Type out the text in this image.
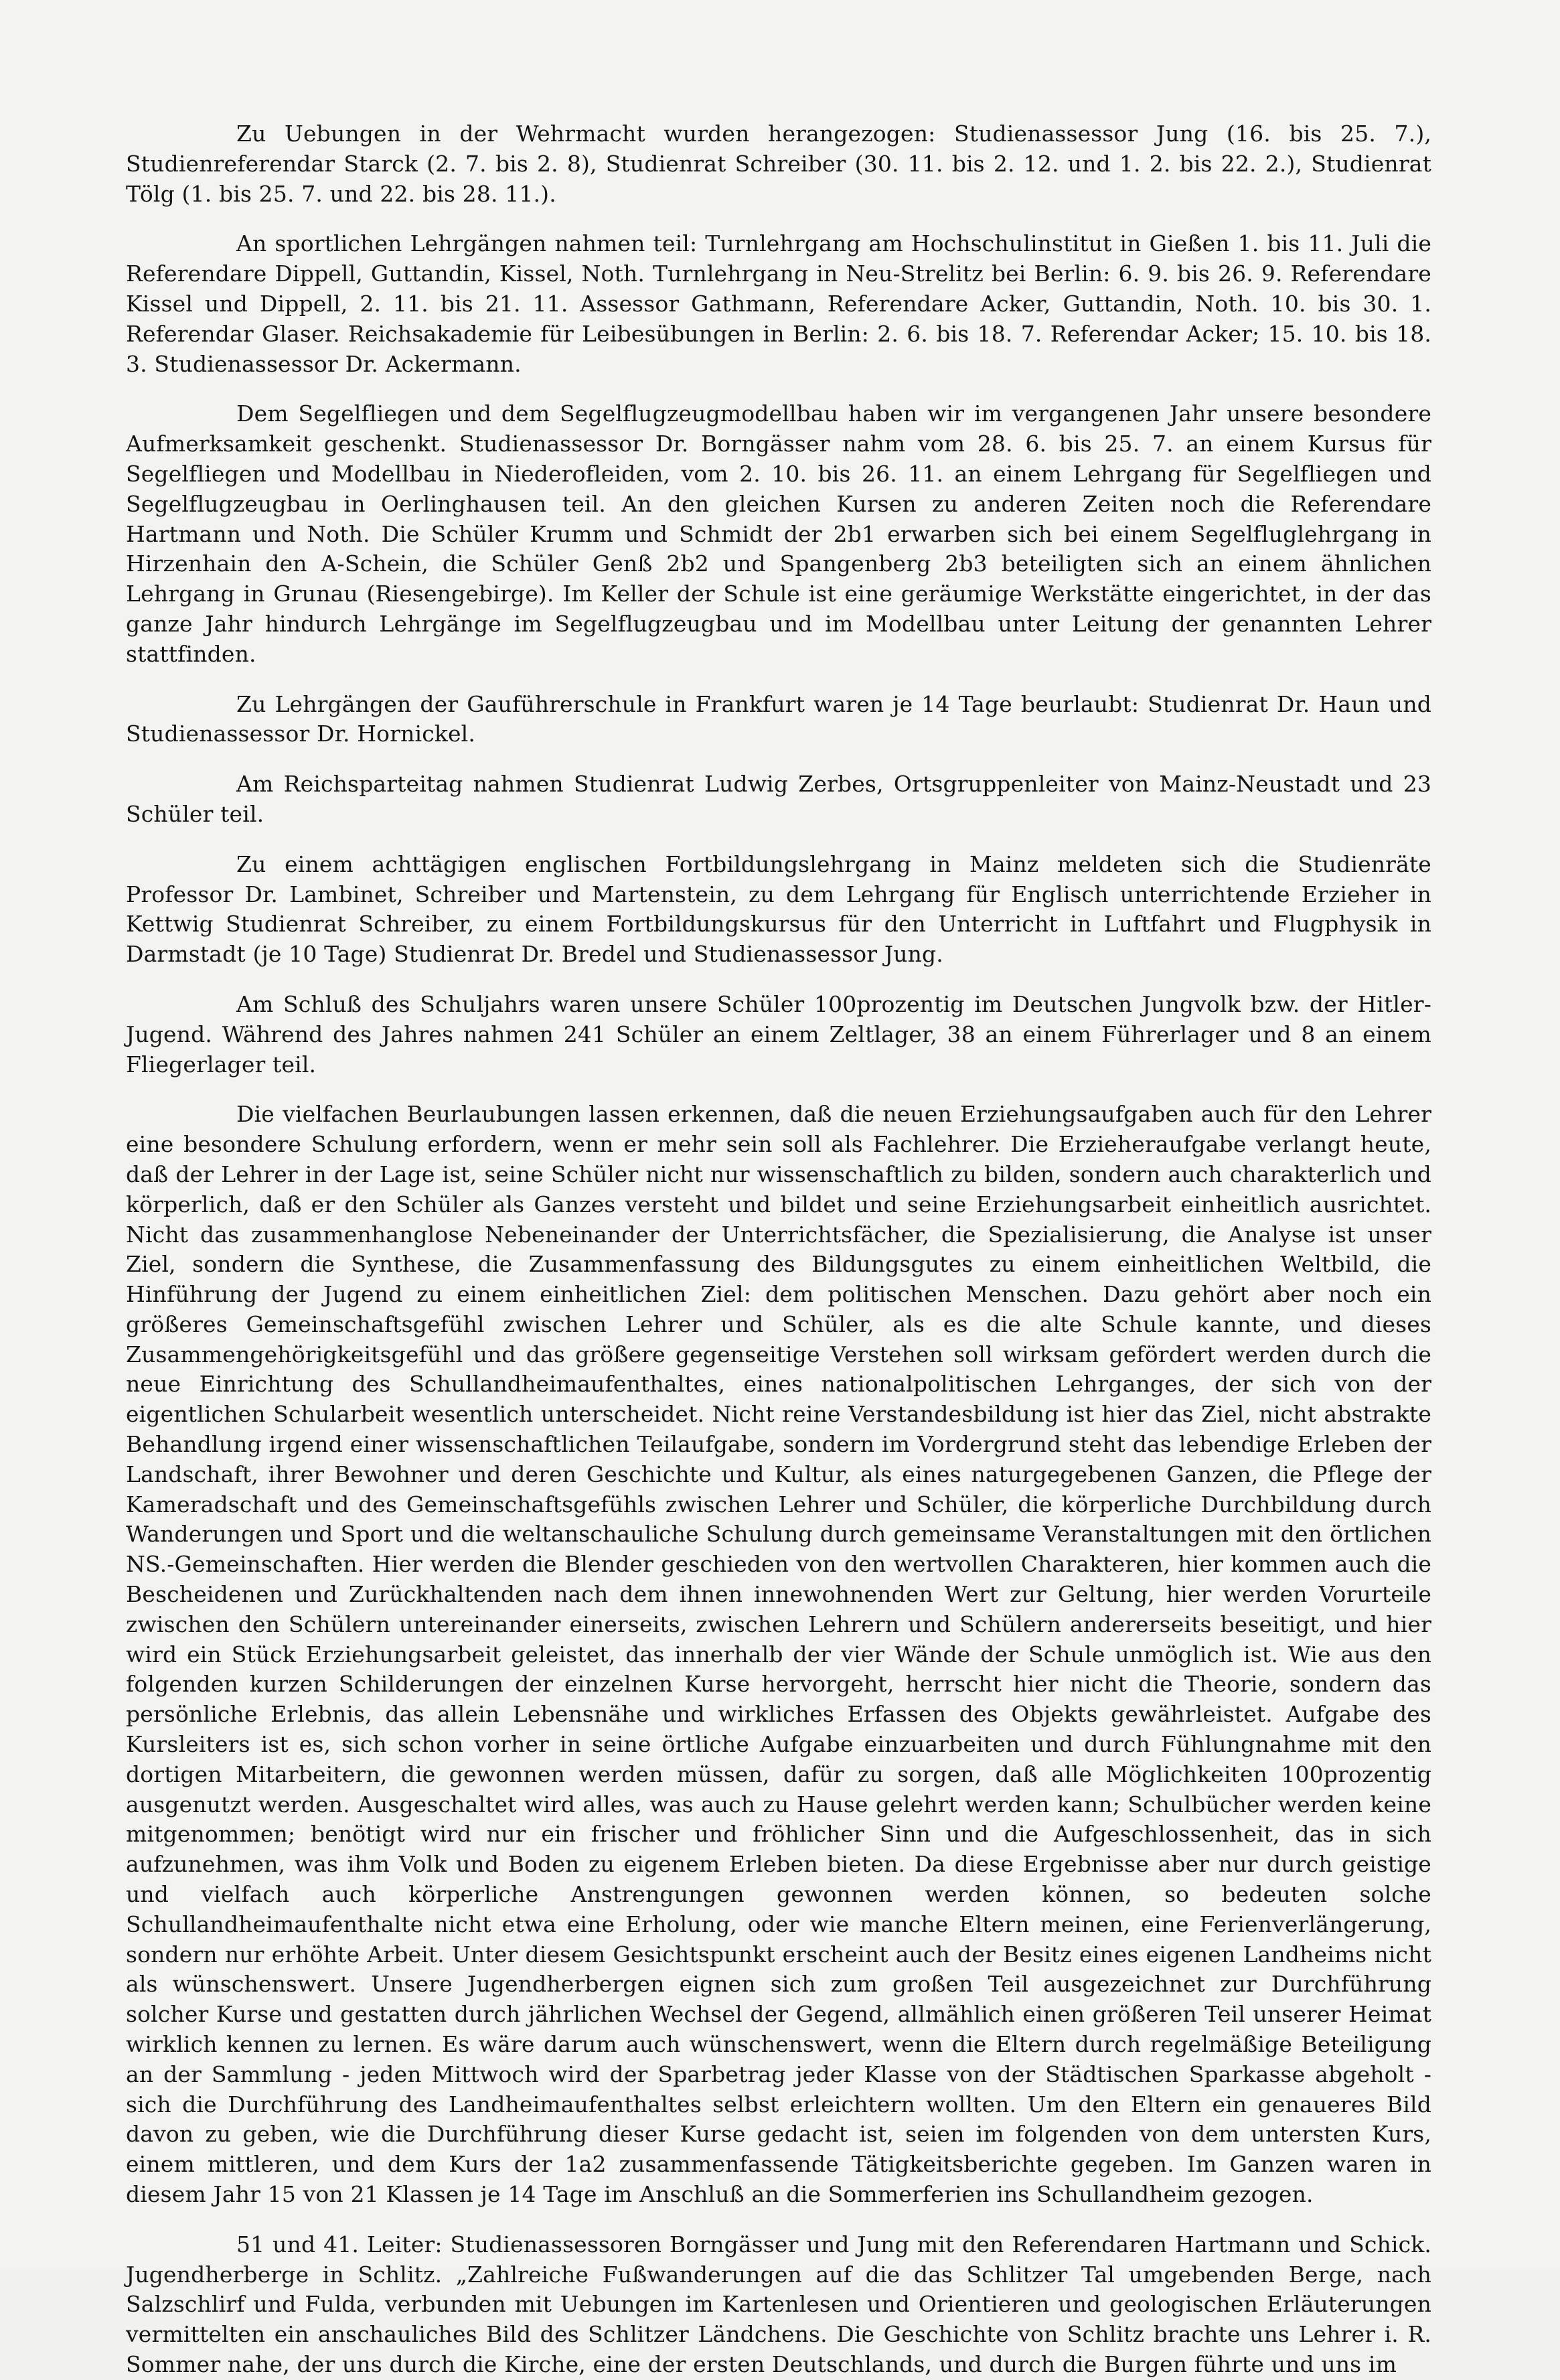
Zu Uebungen in der Wehrmacht wurden herangezogen: Studienassessor Jung (16. bis 25. 7.), Studienreferendar Starck (2. 7. bis 2. 8), Studienrat Schreiber (30. 11. bis 2. 12. und 1. 2. bis 22. 2.), Studienrat Tölg (1. bis 25. 7. und 22. bis 28. 11.).

An sportlichen Lehrgängen nahmen teil: Turnlehrgang am Hochschulinstitut in Gießen 1. bis 11. Juli die Referendare Dippell, Guttandin, Kissel, Noth. Turnlehrgang in Neu-Strelitz bei Berlin: 6. 9. bis 26. 9. Referendare Kissel und Dippell, 2. 11. bis 21. 11. Assessor Gathmann, Referendare Acker, Guttandin, Noth. 10. bis 30. 1. Referendar Glaser. Reichsakademie für Leibesübungen in Berlin: 2. 6. bis 18. 7. Referendar Acker; 15. 10. bis 18. 3. Studienassessor Dr. Ackermann.

Dem Segelfliegen und dem Segelflugzeugmodellbau haben wir im vergangenen Jahr unsere besondere Aufmerksamkeit geschenkt. Studienassessor Dr. Borngässer nahm vom 28. 6. bis 25. 7. an einem Kursus für Segelfliegen und Modellbau in Niederofleiden, vom 2. 10. bis 26. 11. an einem Lehrgang für Segelfliegen und Segelflugzeugbau in Oerlinghausen teil. An den gleichen Kursen zu anderen Zeiten noch die Referendare Hartmann und Noth. Die Schüler Krumm und Schmidt der 2b1 erwarben sich bei einem Segelfluglehrgang in Hirzenhain den A-Schein, die Schüler Genß 2b2 und Spangenberg 2b3 beteiligten sich an einem ähnlichen Lehrgang in Grunau (Riesengebirge). Im Keller der Schule ist eine geräumige Werkstätte eingerichtet, in der das ganze Jahr hindurch Lehrgänge im Segelflugzeugbau und im Modellbau unter Leitung der genannten Lehrer stattfinden.

Zu Lehrgängen der Gauführerschule in Frankfurt waren je 14 Tage beurlaubt: Studienrat Dr. Haun und Studienassessor Dr. Hornickel.

Am Reichsparteitag nahmen Studienrat Ludwig Zerbes, Ortsgruppenleiter von Mainz-Neustadt und 23 Schüler teil.

Zu einem achttägigen englischen Fortbildungslehrgang in Mainz meldeten sich die Studienräte Professor Dr. Lambinet, Schreiber und Martenstein, zu dem Lehrgang für Englisch unterrichtende Erzieher in Kettwig Studienrat Schreiber, zu einem Fortbildungskursus für den Unterricht in Luftfahrt und Flugphysik in Darmstadt (je 10 Tage) Studienrat Dr. Bredel und Studienassessor Jung.

Am Schluß des Schuljahrs waren unsere Schüler 100prozentig im Deutschen Jungvolk bzw. der Hitler-Jugend. Während des Jahres nahmen 241 Schüler an einem Zeltlager, 38 an einem Führerlager und 8 an einem Fliegerlager teil.

Die vielfachen Beurlaubungen lassen erkennen, daß die neuen Erziehungsaufgaben auch für den Lehrer eine besondere Schulung erfordern, wenn er mehr sein soll als Fachlehrer. Die Erzieheraufgabe verlangt heute, daß der Lehrer in der Lage ist, seine Schüler nicht nur wissenschaftlich zu bilden, sondern auch charakterlich und körperlich, daß er den Schüler als Ganzes versteht und bildet und seine Erziehungsarbeit einheitlich ausrichtet. Nicht das zusammenhanglose Nebeneinander der Unterrichtsfächer, die Spezialisierung, die Analyse ist unser Ziel, sondern die Synthese, die Zusammenfassung des Bildungsgutes zu einem einheitlichen Weltbild, die Hinführung der Jugend zu einem einheitlichen Ziel: dem politischen Menschen. Dazu gehört aber noch ein größeres Gemeinschaftsgefühl zwischen Lehrer und Schüler, als es die alte Schule kannte, und dieses Zusammengehörigkeitsgefühl und das größere gegenseitige Verstehen soll wirksam gefördert werden durch die neue Einrichtung des Schullandheimaufenthaltes, eines nationalpolitischen Lehrganges, der sich von der eigentlichen Schularbeit wesentlich unterscheidet. Nicht reine Verstandesbildung ist hier das Ziel, nicht abstrakte Behandlung irgend einer wissenschaftlichen Teilaufgabe, sondern im Vordergrund steht das lebendige Erleben der Landschaft, ihrer Bewohner und deren Geschichte und Kultur, als eines naturgegebenen Ganzen, die Pflege der Kameradschaft und des Gemeinschaftsgefühls zwischen Lehrer und Schüler, die körperliche Durchbildung durch Wanderungen und Sport und die weltanschauliche Schulung durch gemeinsame Veranstaltungen mit den örtlichen NS.-Gemeinschaften. Hier werden die Blender geschieden von den wertvollen Charakteren, hier kommen auch die Bescheidenen und Zurückhaltenden nach dem ihnen innewohnenden Wert zur Geltung, hier werden Vorurteile zwischen den Schülern untereinander einerseits, zwischen Lehrern und Schülern andererseits beseitigt, und hier wird ein Stück Erziehungsarbeit geleistet, das innerhalb der vier Wände der Schule unmöglich ist. Wie aus den folgenden kurzen Schilderungen der einzelnen Kurse hervorgeht, herrscht hier nicht die Theorie, sondern das persönliche Erlebnis, das allein Lebensnähe und wirkliches Erfassen des Objekts gewährleistet. Aufgabe des Kursleiters ist es, sich schon vorher in seine örtliche Aufgabe einzuarbeiten und durch Fühlungnahme mit den dortigen Mitarbeitern, die gewonnen werden müssen, dafür zu sorgen, daß alle Möglichkeiten 100prozentig ausgenutzt werden. Ausgeschaltet wird alles, was auch zu Hause gelehrt werden kann; Schulbücher werden keine mitgenommen; benötigt wird nur ein frischer und fröhlicher Sinn und die Aufgeschlossenheit, das in sich aufzunehmen, was ihm Volk und Boden zu eigenem Erleben bieten. Da diese Ergebnisse aber nur durch geistige und vielfach auch körperliche Anstrengungen gewonnen werden können, so bedeuten solche Schullandheimaufenthalte nicht etwa eine Erholung, oder wie manche Eltern meinen, eine Ferienverlängerung, sondern nur erhöhte Arbeit. Unter diesem Gesichtspunkt erscheint auch der Besitz eines eigenen Landheims nicht als wünschenswert. Unsere Jugendherbergen eignen sich zum großen Teil ausgezeichnet zur Durchführung solcher Kurse und gestatten durch jährlichen Wechsel der Gegend, allmählich einen größeren Teil unserer Heimat wirklich kennen zu lernen. Es wäre darum auch wünschenswert, wenn die Eltern durch regelmäßige Beteiligung an der Sammlung - jeden Mittwoch wird der Sparbetrag jeder Klasse von der Städtischen Sparkasse abgeholt - sich die Durchführung des Landheimaufenthaltes selbst erleichtern wollten. Um den Eltern ein genaueres Bild davon zu geben, wie die Durchführung dieser Kurse gedacht ist, seien im folgenden von dem untersten Kurs, einem mittleren, und dem Kurs der 1a2 zusammenfassende Tätigkeitsberichte gegeben. Im Ganzen waren in diesem Jahr 15 von 21 Klassen je 14 Tage im Anschluß an die Sommerferien ins Schullandheim gezogen.

51 und 41. Leiter: Studienassessoren Borngässer und Jung mit den Referendaren Hartmann und Schick. Jugendherberge in Schlitz. „Zahlreiche Fußwanderungen auf die das Schlitzer Tal umgebenden Berge, nach Salzschlirf und Fulda, verbunden mit Uebungen im Kartenlesen und Orientieren und geologischen Erläuterungen vermittelten ein anschauliches Bild des Schlitzer Ländchens. Die Geschichte von Schlitz brachte uns Lehrer i. R. Sommer nahe, der uns durch die Kirche, eine der ersten Deutschlands, und durch die Burgen führte und uns im
